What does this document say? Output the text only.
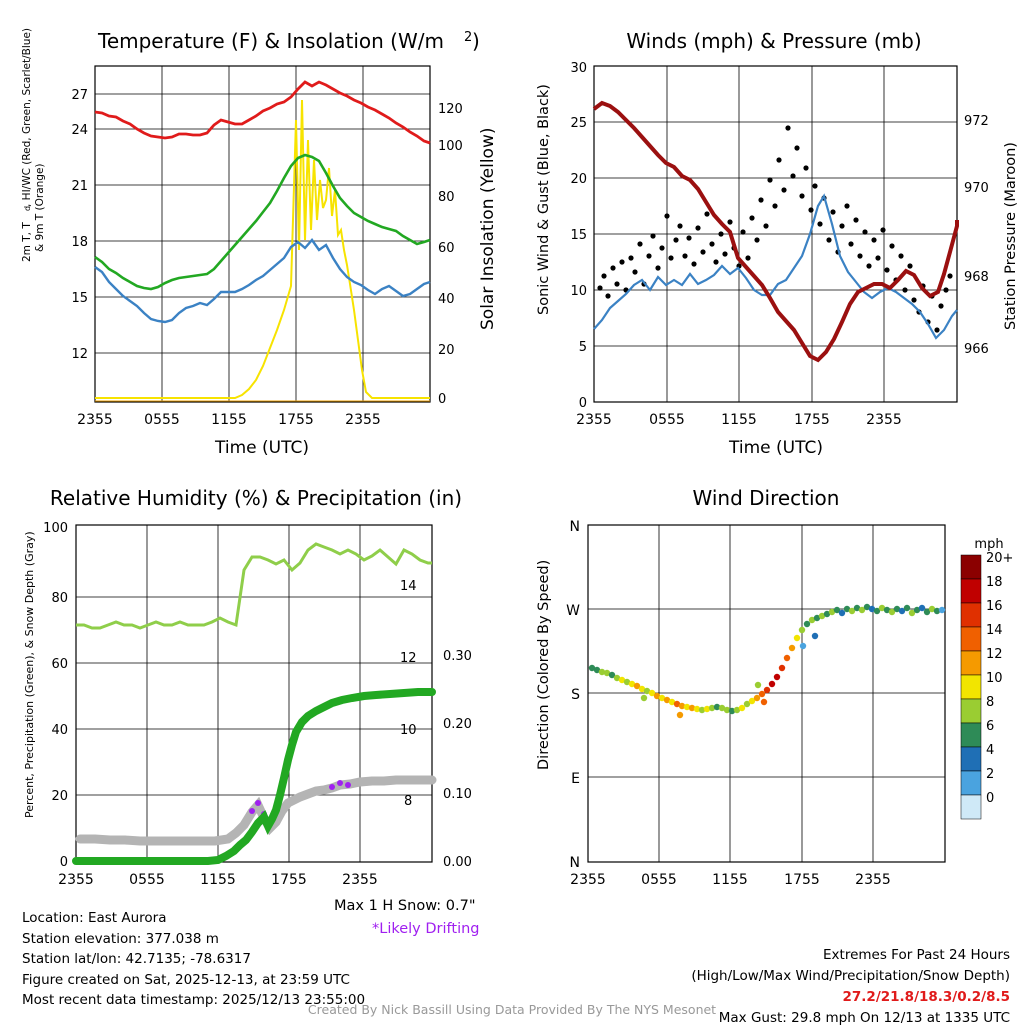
Temperature (F) & Insolation (W/m 2 )
12
15
18
21
24
27
0
20
40
60
80
100
120
2355 0555 1155 1755 2355
Time (UTC)
2m T, T
d
, HI/WC (Red, Green, Scarlet/Blue)
& 9m T (Orange)	Solar Insolation (Yellow)
Winds (mph) & Pressure (mb)
0
5
10
15
20
25
30
966
968
970
972
2355	0555	1155	1755	2355
Time (UTC)
Sonic Wind & Gust (Blue, Black)	Station Pressure (Maroon)
Relative Humidity (%) & Precipitation (in)
0
20
40
60
80
100
0.00
0.10
0.20
0.30
8
10
12
14
2355	0555	1155	1755	2355
Percent, Precipitation (Green), & Snow Depth (Gray)
Wind Direction
N
W
S
E
N
2355	0555	1155	1755	2355
Direction (Colored By Speed)
mph
20+
18
16
14
12
10
8
6
4
2
0
Max 1 H Snow: 0.7"
*Likely Drifting
Location: East Aurora
Station elevation: 377.038 m
Station lat/lon: 42.7135; -78.6317
Figure created on Sat, 2025-12-13, at 23:59 UTC
Most recent data timestamp: 2025/12/13 23:55:00
Extremes For Past 24 Hours
(High/Low/Max Wind/Precipitation/Snow Depth)
27.2/21.8/18.3/0.2/8.5
Max Gust: 29.8 mph On 12/13 at 1335 UTC
Created By Nick Bassill Using Data Provided By The NYS Mesonet
